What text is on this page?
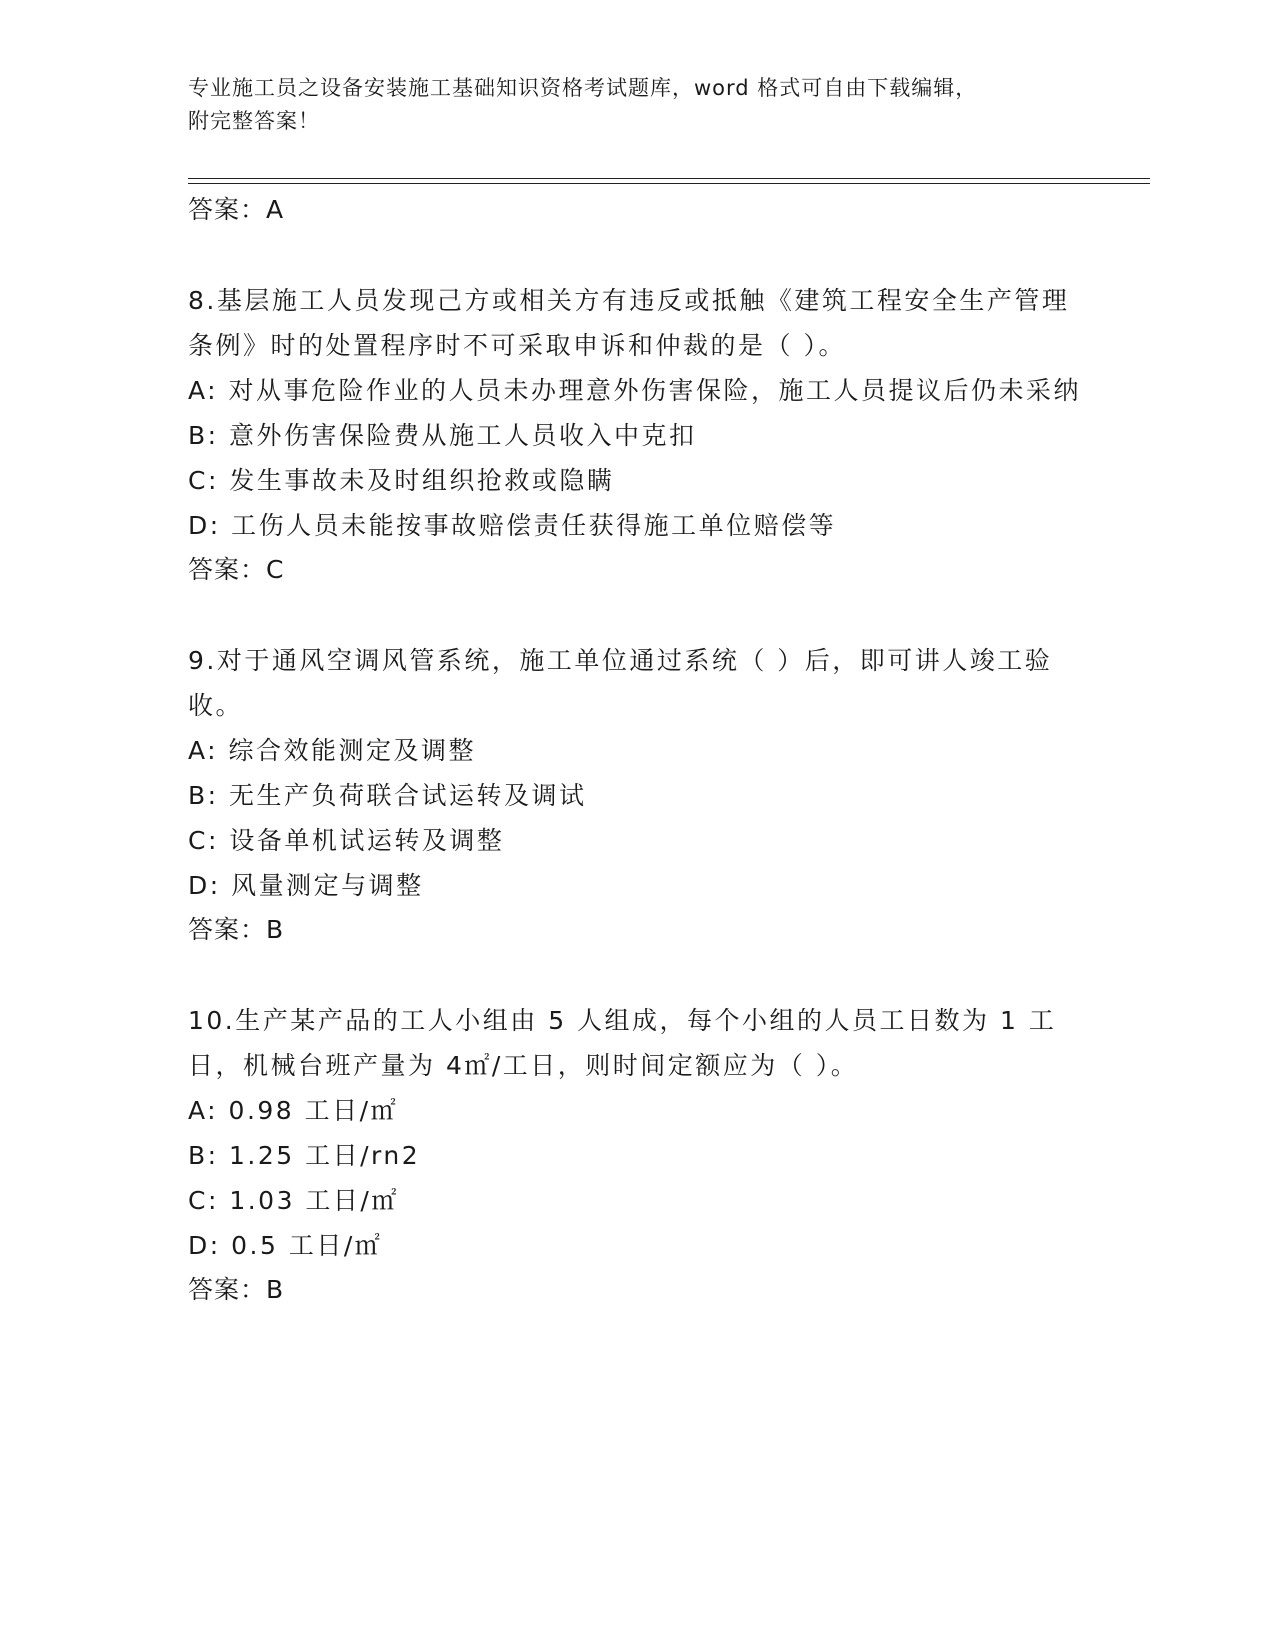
专业施工员之设备安装施工基础知识资格考试题库，word 格式可自由下载编辑，
附完整答案！

答案：A

8.基层施工人员发现己方或相关方有违反或抵触《建筑工程安全生产管理条例》时的处置程序时不可采取申诉和仲裁的是（ ）。

A: 对从事危险作业的人员未办理意外伤害保险，施工人员提议后仍未采纳

B: 意外伤害保险费从施工人员收入中克扣

C: 发生事故未及时组织抢救或隐瞒

D: 工伤人员未能按事故赔偿责任获得施工单位赔偿等

答案：C

9.对于通风空调风管系统，施工单位通过系统（ ）后，即可讲人竣工验收。

A: 综合效能测定及调整

B: 无生产负荷联合试运转及调试

C: 设备单机试运转及调整

D: 风量测定与调整

答案：B

10.生产某产品的工人小组由 5 人组成，每个小组的人员工日数为 1 工日，机械台班产量为 4㎡/工日，则时间定额应为（ ）。

A: 0.98 工日/㎡

B: 1.25 工日/rn2

C: 1.03 工日/㎡

D: 0.5 工日/㎡

答案：B
